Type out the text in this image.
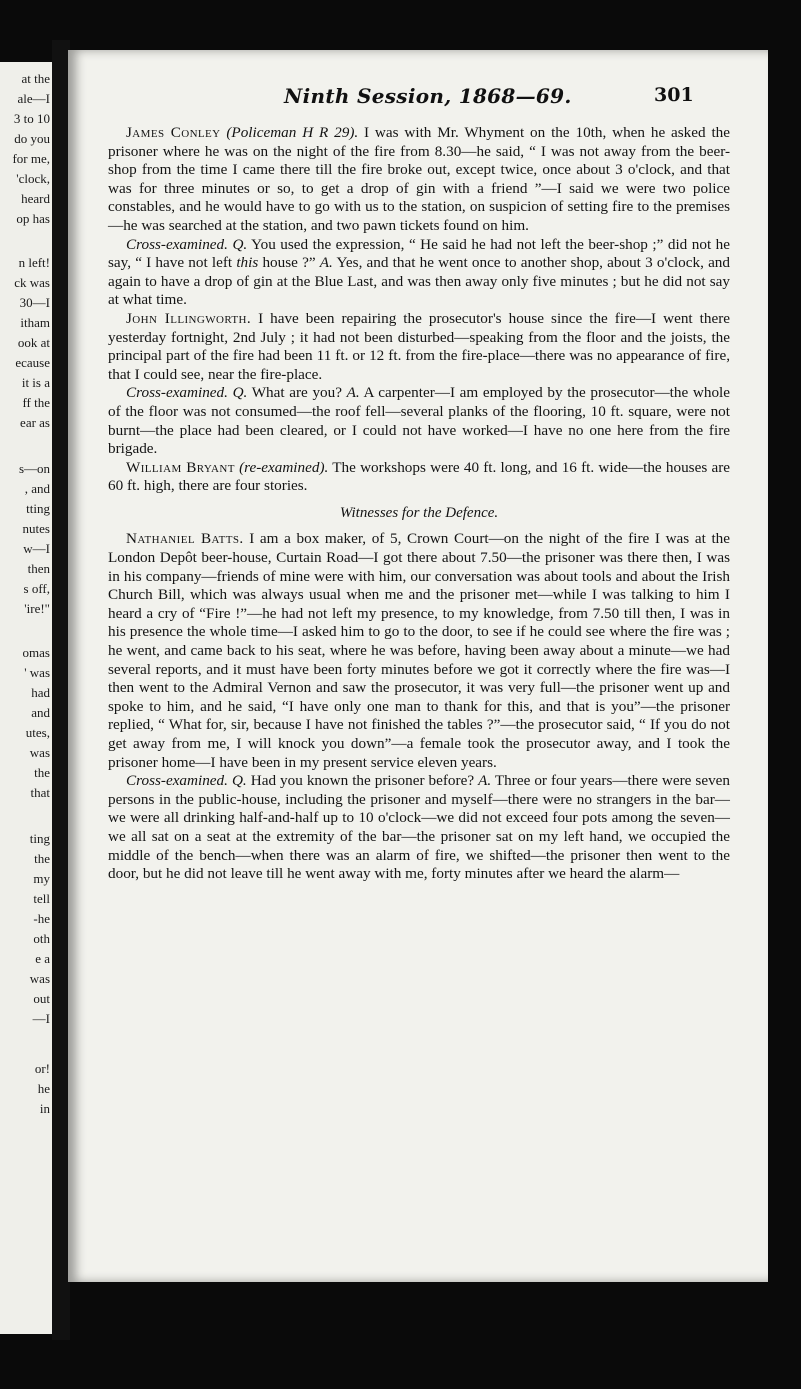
at the
ale—I
3 to 10
do you
for me,
'clock,
heard
op has
n left!
ck was
30—I
itham
ook at
ecause
it is a
ff the
ear as
s—on
, and
tting
nutes
w—I
then
s off,
'ire!"
omas
' was
had
and
utes,
was
the
that
ting
the
my
tell
-he
oth
e a
was
out
—I
or!
he
in
Ninth Session, 1868—69.	301

James Conley (Policeman H R 29). I was with Mr. Whyment on the 10th, when he asked the prisoner where he was on the night of the fire from 8.30—he said, “ I was not away from the beer-shop from the time I came there till the fire broke out, except twice, once about 3 o'clock, and that was for three minutes or so, to get a drop of gin with a friend ”—I said we were two police constables, and he would have to go with us to the station, on suspicion of setting fire to the premises—he was searched at the station, and two pawn tickets found on him.

Cross-examined. Q. You used the expression, “ He said he had not left the beer-shop ;” did not he say, “ I have not left this house ?” A. Yes, and that he went once to another shop, about 3 o'clock, and again to have a drop of gin at the Blue Last, and was then away only five minutes ; but he did not say at what time.

John Illingworth. I have been repairing the prosecutor's house since the fire—I went there yesterday fortnight, 2nd July ; it had not been disturbed—speaking from the floor and the joists, the principal part of the fire had been 11 ft. or 12 ft. from the fire-place—there was no appearance of fire, that I could see, near the fire-place.

Cross-examined. Q. What are you? A. A carpenter—I am employed by the prosecutor—the whole of the floor was not consumed—the roof fell—several planks of the flooring, 10 ft. square, were not burnt—the place had been cleared, or I could not have worked—I have no one here from the fire brigade.

William Bryant (re-examined). The workshops were 40 ft. long, and 16 ft. wide—the houses are 60 ft. high, there are four stories.

Witnesses for the Defence.

Nathaniel Batts. I am a box maker, of 5, Crown Court—on the night of the fire I was at the London Depôt beer-house, Curtain Road—I got there about 7.50—the prisoner was there then, I was in his company—friends of mine were with him, our conversation was about tools and about the Irish Church Bill, which was always usual when me and the prisoner met—while I was talking to him I heard a cry of “Fire !”—he had not left my presence, to my knowledge, from 7.50 till then, I was in his presence the whole time—I asked him to go to the door, to see if he could see where the fire was ; he went, and came back to his seat, where he was before, having been away about a minute—we had several reports, and it must have been forty minutes before we got it correctly where the fire was—I then went to the Admiral Vernon and saw the prosecutor, it was very full—the prisoner went up and spoke to him, and he said, “I have only one man to thank for this, and that is you”—the prisoner replied, “ What for, sir, because I have not finished the tables ?”—the prosecutor said, “ If you do not get away from me, I will knock you down”—a female took the prosecutor away, and I took the prisoner home—I have been in my present service eleven years.

Cross-examined. Q. Had you known the prisoner before? A. Three or four years—there were seven persons in the public-house, including the prisoner and myself—there were no strangers in the bar—we were all drinking half-and-half up to 10 o'clock—we did not exceed four pots among the seven—we all sat on a seat at the extremity of the bar—the prisoner sat on my left hand, we occupied the middle of the bench—when there was an alarm of fire, we shifted—the prisoner then went to the door, but he did not leave till he went away with me, forty minutes after we heard the alarm—
